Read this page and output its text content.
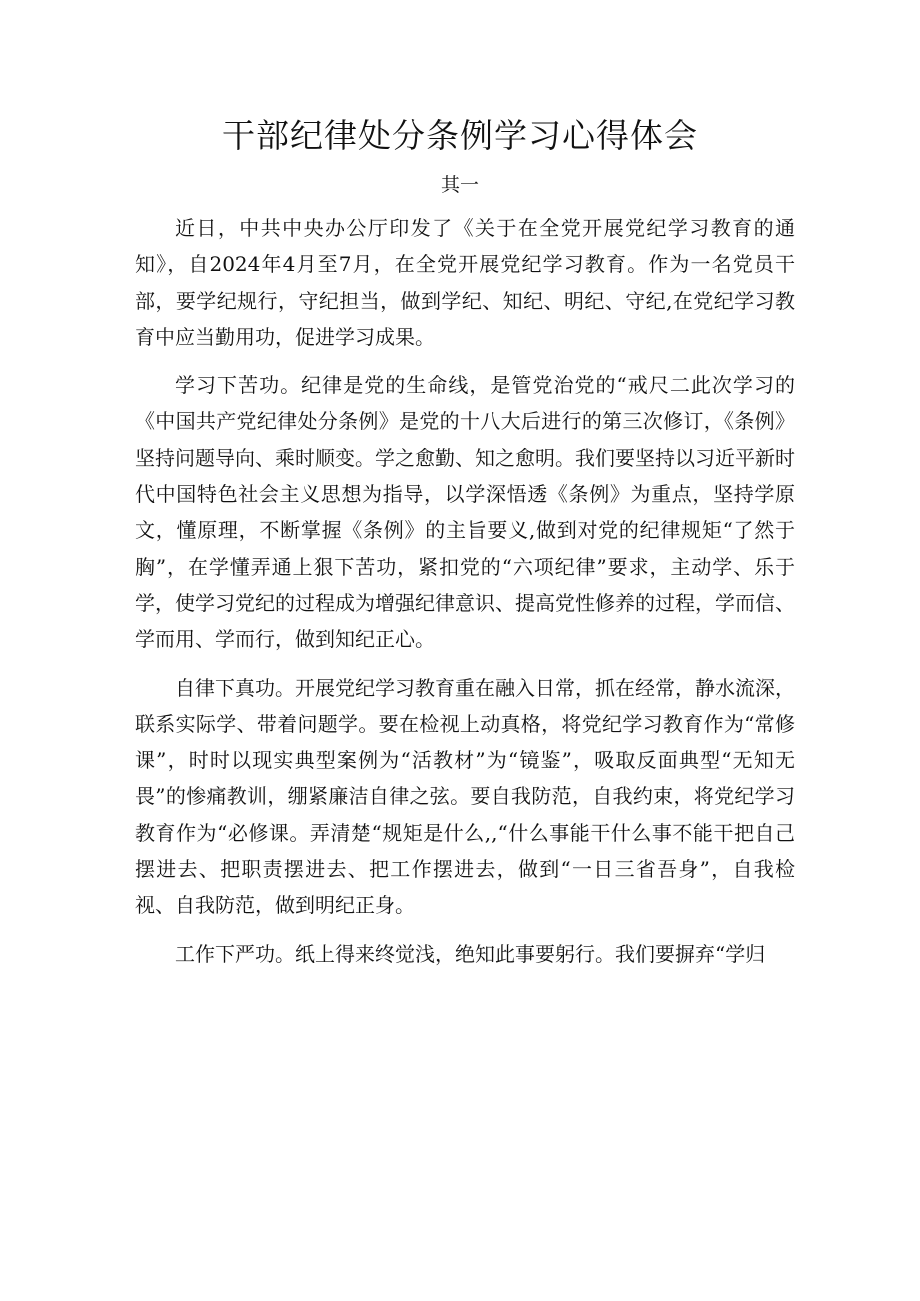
干部纪律处分条例学习心得体会
其一

近日，中共中央办公厅印发了《关于在全党开展党纪学习教育的通知》，自2024年4月至7月，在全党开展党纪学习教育。作为一名党员干部，要学纪规行，守纪担当，做到学纪、知纪、明纪、守纪,在党纪学习教育中应当勤用功，促进学习成果。

学习下苦功。纪律是党的生命线，是管党治党的“戒尺二此次学习的《中国共产党纪律处分条例》是党的十八大后进行的第三次修订，《条例》坚持问题导向、乘时顺变。学之愈勤、知之愈明。我们要坚持以习近平新时代中国特色社会主义思想为指导，以学深悟透《条例》为重点，坚持学原文，懂原理，不断掌握《条例》的主旨要义,做到对党的纪律规矩“了然于胸”，在学懂弄通上狠下苦功，紧扣党的“六项纪律”要求，主动学、乐于学，使学习党纪的过程成为增强纪律意识、提高党性修养的过程，学而信、学而用、学而行，做到知纪正心。

自律下真功。开展党纪学习教育重在融入日常，抓在经常，静水流深，联系实际学、带着问题学。要在检视上动真格，将党纪学习教育作为“常修课”，时时以现实典型案例为“活教材”为“镜鉴”，吸取反面典型“无知无畏”的惨痛教训，绷紧廉洁自律之弦。要自我防范，自我约束，将党纪学习教育作为“必修课。弄清楚“规矩是什么,,“什么事能干什么事不能干把自己摆进去、把职责摆进去、把工作摆进去，做到“一日三省吾身”，自我检视、自我防范，做到明纪正身。

工作下严功。纸上得来终觉浅，绝知此事要躬行。我们要摒弃“学归
